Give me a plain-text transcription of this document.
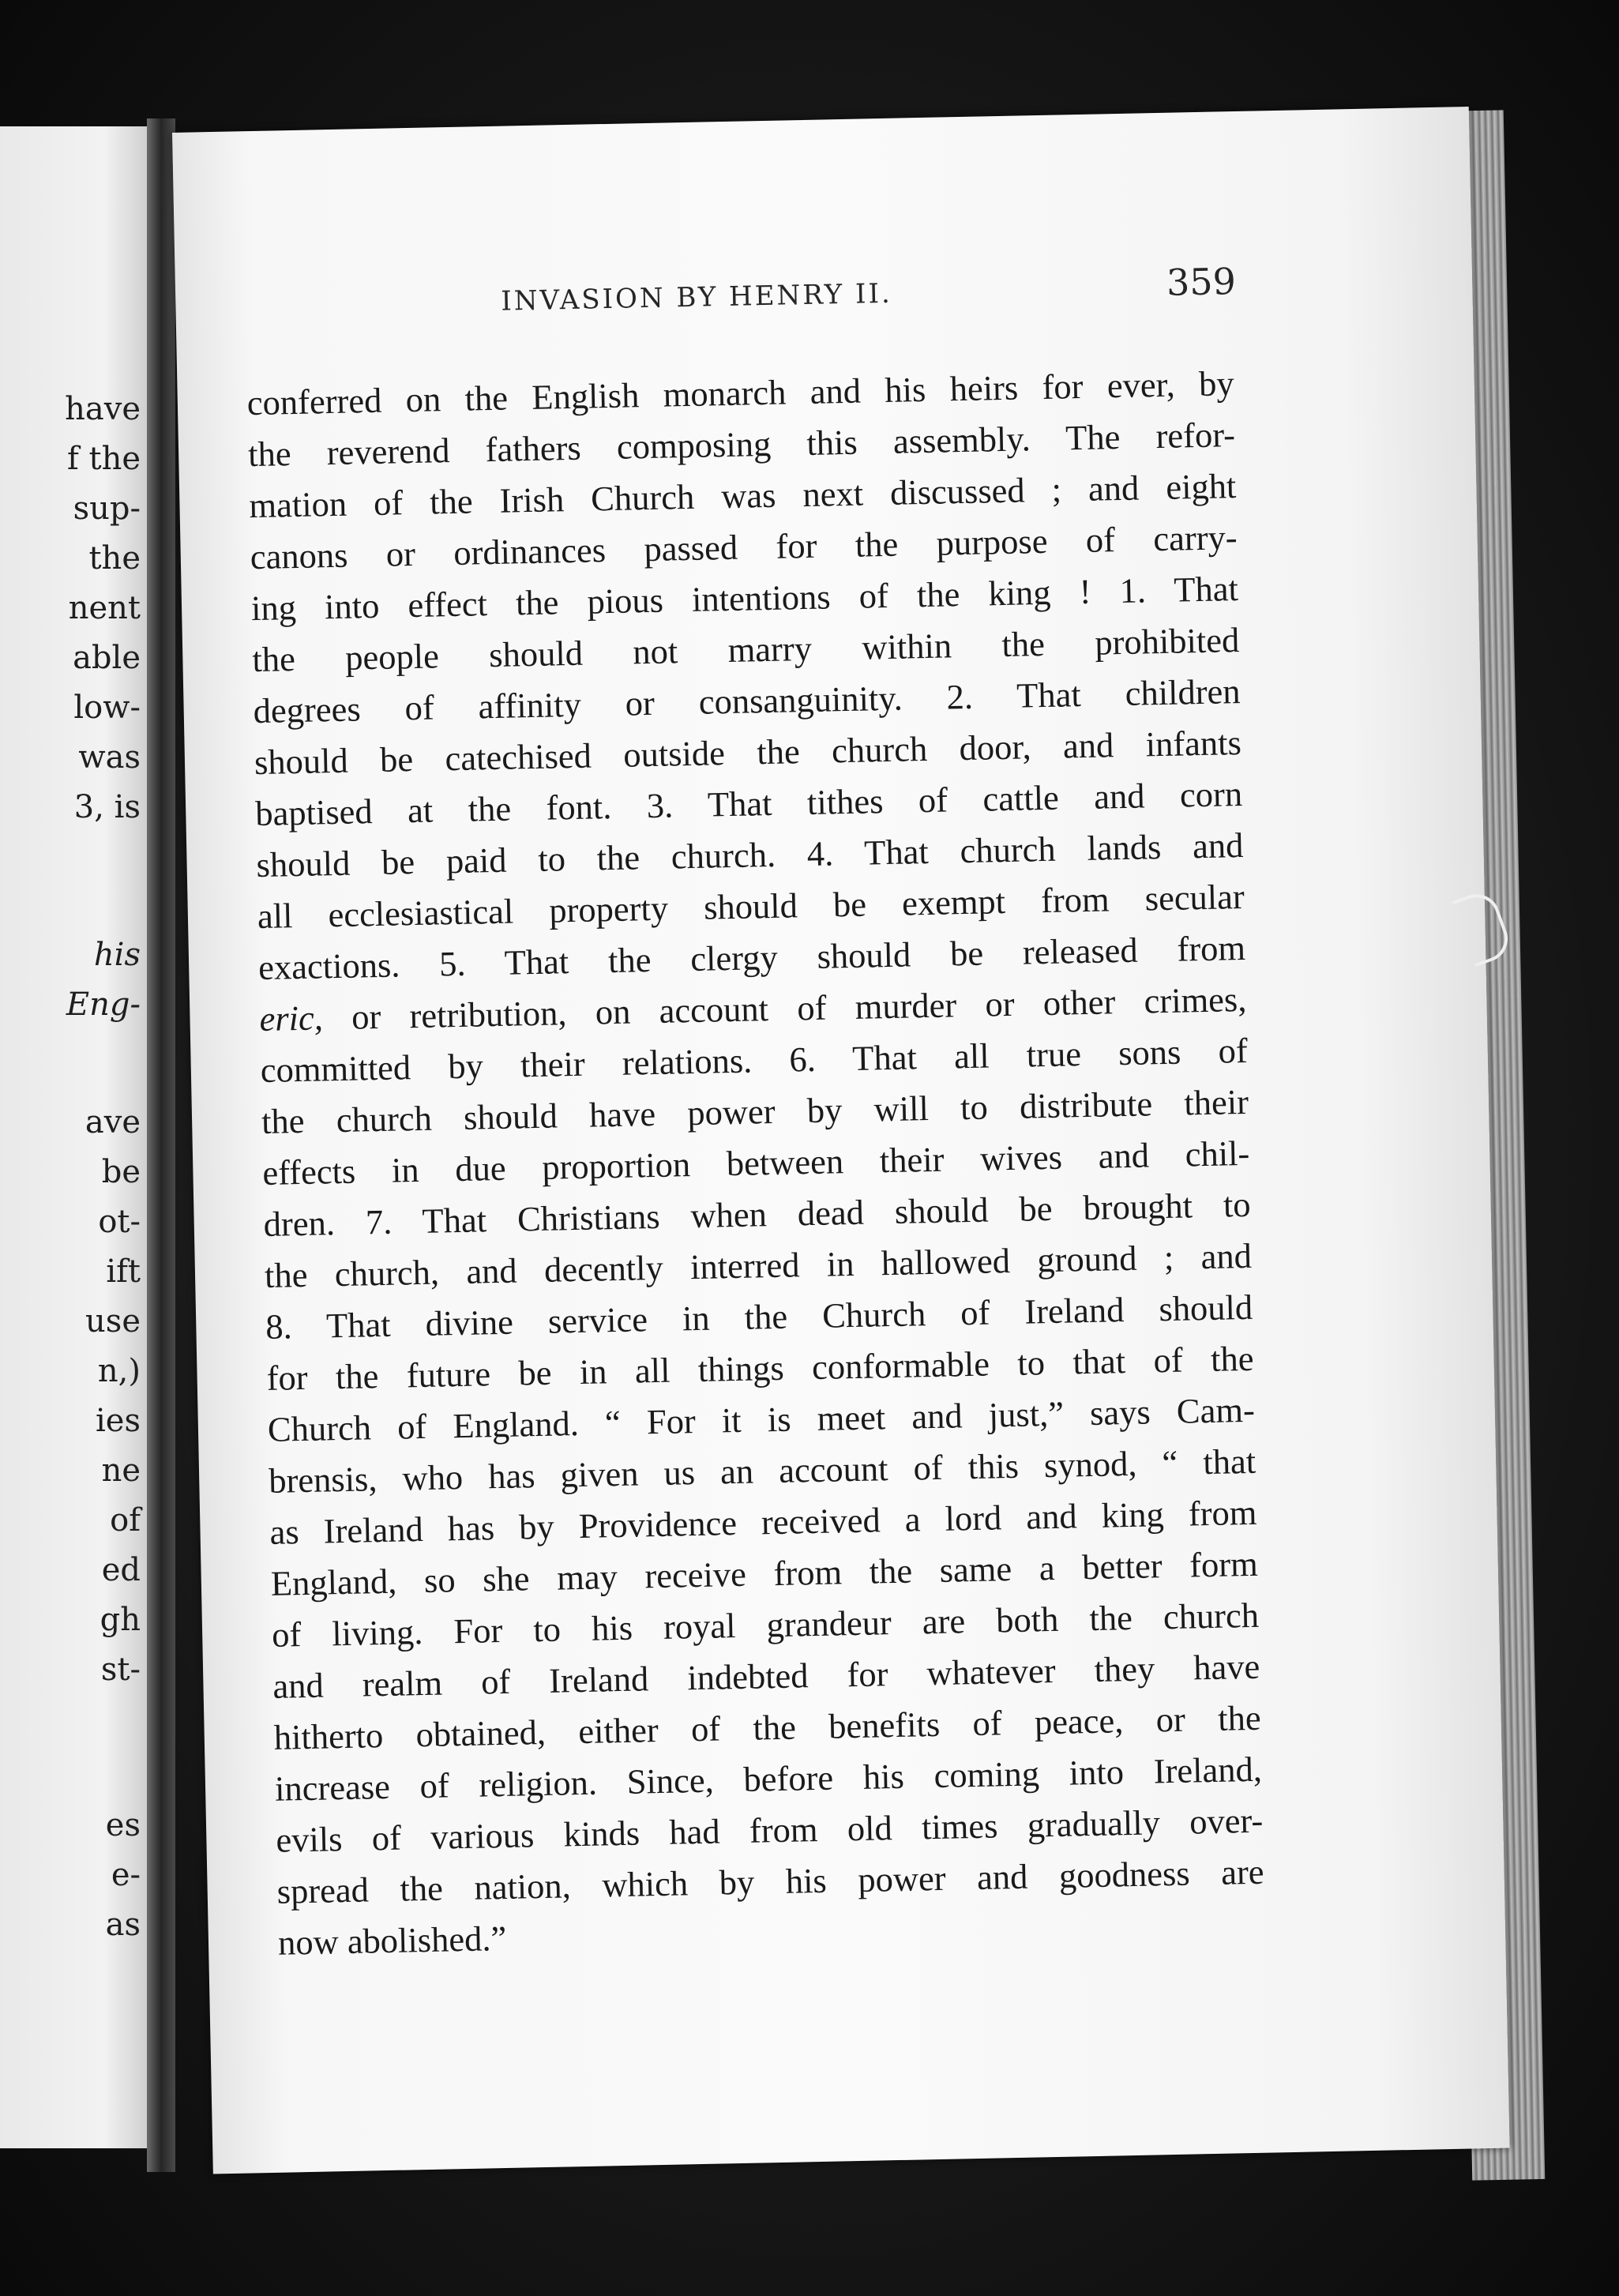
have
f the
sup-
the
nent
able
low-
was
3, is
his
Eng-
ave
be
ot-
ift
use
n,)
ies
ne
of
ed
gh
st-
es
e-
as
INVASION BY HENRY II.	359
conferred on the English monarch and his heirs for ever, by
the reverend fathers composing this assembly. The refor-
mation of the Irish Church was next discussed ; and eight
canons or ordinances passed for the purpose of carry-
ing into effect the pious intentions of the king ! 1. That
the people should not marry within the prohibited
degrees of affinity or consanguinity. 2. That children
should be catechised outside the church door, and infants
baptised at the font. 3. That tithes of cattle and corn
should be paid to the church. 4. That church lands and
all ecclesiastical property should be exempt from secular
exactions. 5. That the clergy should be released from
eric, or retribution, on account of murder or other crimes,
committed by their relations. 6. That all true sons of
the church should have power by will to distribute their
effects in due proportion between their wives and chil-
dren. 7. That Christians when dead should be brought to
the church, and decently interred in hallowed ground ; and
8. That divine service in the Church of Ireland should
for the future be in all things conformable to that of the
Church of England. “ For it is meet and just,” says Cam-
brensis, who has given us an account of this synod, “ that
as Ireland has by Providence received a lord and king from
England, so she may receive from the same a better form
of living. For to his royal grandeur are both the church
and realm of Ireland indebted for whatever they have
hitherto obtained, either of the benefits of peace, or the
increase of religion. Since, before his coming into Ireland,
evils of various kinds had from old times gradually over-
spread the nation, which by his power and goodness are
now abolished.”
